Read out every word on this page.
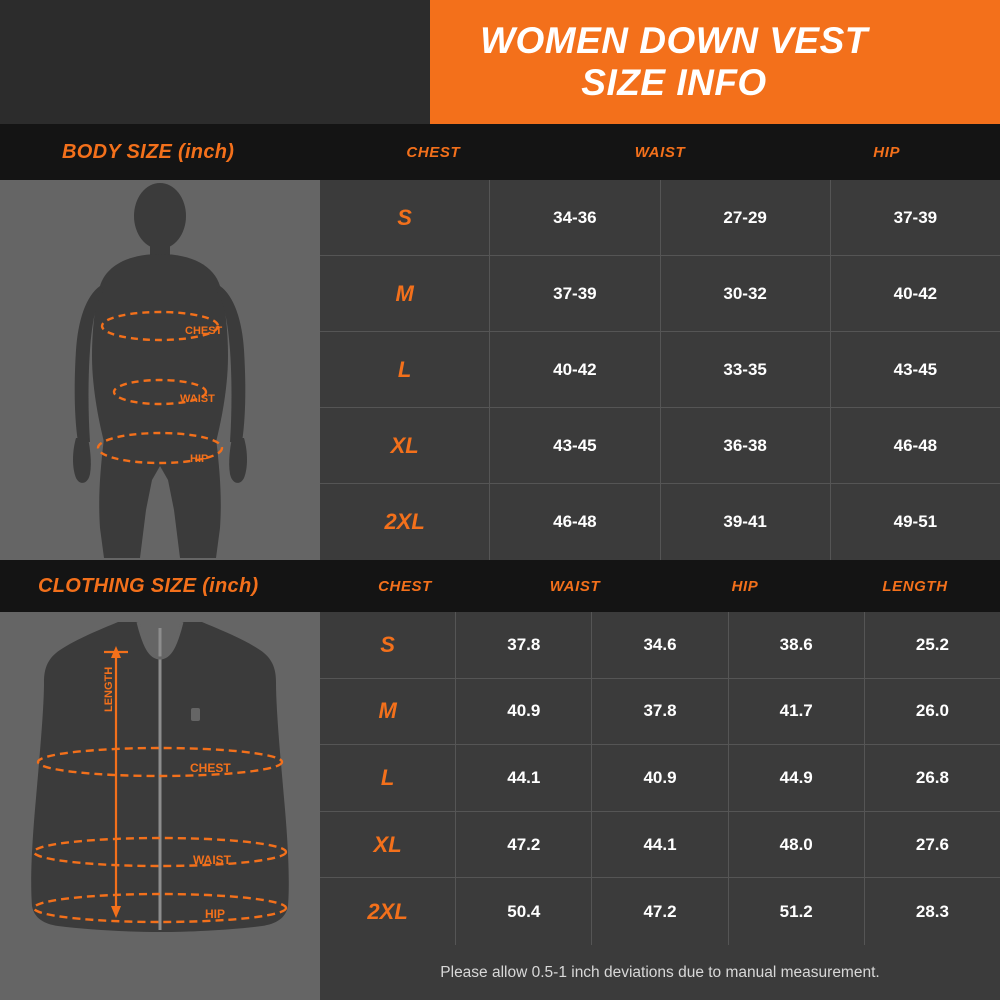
WOMEN DOWN VEST
SIZE INFO
BODY SIZE (inch)	CHEST	WAIST	HIP
CHEST
WAIST
HIP
S	34-36	27-29	37-39
M	37-39	30-32	40-42
L	40-42	33-35	43-45
XL	43-45	36-38	46-48
2XL	46-48	39-41	49-51
CLOTHING SIZE (inch)	CHEST	WAIST	HIP	LENGTH
LENGTH
CHEST
WAIST
HIP
S	37.8	34.6	38.6	25.2
M	40.9	37.8	41.7	26.0
L	44.1	40.9	44.9	26.8
XL	47.2	44.1	48.0	27.6
2XL	50.4	47.2	51.2	28.3
Please allow 0.5-1 inch deviations due to manual measurement.
